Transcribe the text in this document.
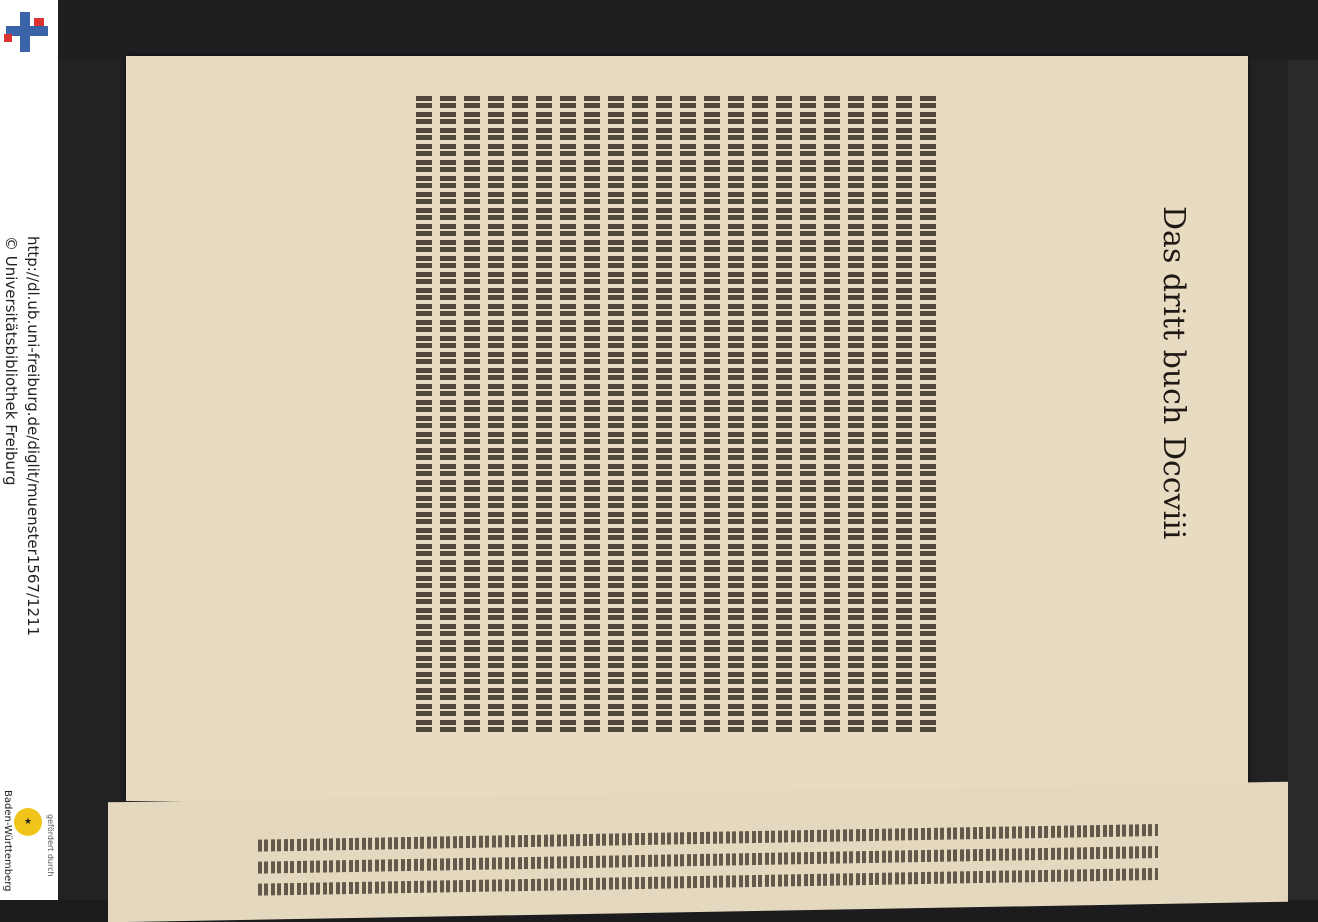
http://dl.ub.uni-freiburg.de/diglit/muenster1567/1211
© Universitätsbibliothek Freiburg
Baden-Württemberg	★	gefördert durch
Das dritt buch
Dccviii
